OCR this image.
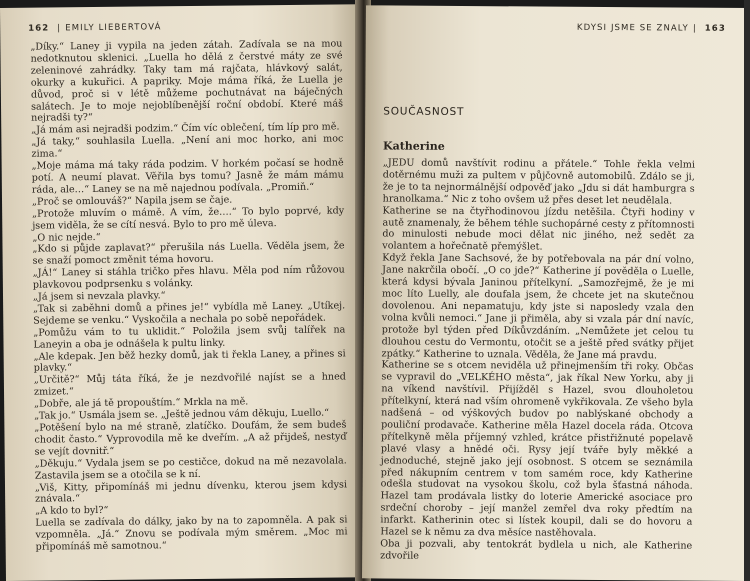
162 | EMILY LIEBERTOVÁ

„Díky.“ Laney ji vypila na jeden zátah. Zadívala se na mou nedotknutou sklenici. „Luella ho dělá z čerstvé máty ze své zeleninové zahrádky. Taky tam má rajčata, hlávkový salát, okurky a kukuřici. A papriky. Moje máma říká, že Luella je důvod, proč si v létě můžeme pochutnávat na báječných salátech. Je to moje nejoblíbenější roční období. Které máš nejradši ty?“

„Já mám asi nejradši podzim.“ Čím víc oblečení, tím líp pro mě.

„Já taky,“ souhlasila Luella. „Není ani moc horko, ani moc zima.“

„Moje máma má taky ráda podzim. V horkém počasí se hodně potí. A neumí plavat. Věřila bys tomu? Jasně že mám mámu ráda, ale…“ Laney se na mě najednou podívala. „Promiň.“

„Proč se omlouváš?“ Napila jsem se čaje.

„Protože mluvím o mámě. A vím, že….“ To bylo poprvé, kdy jsem viděla, že se cítí nesvá. Bylo to pro mě úleva.

„O nic nejde.“

„Kdo si půjde zaplavat?“ přerušila nás Luella. Věděla jsem, že se snaží pomoct změnit téma hovoru.

„JÁ!“ Laney si stáhla tričko přes hlavu. Měla pod ním růžovou plavkovou podprsenku s volánky.

„Já jsem si nevzala plavky.“

„Tak si zaběhni domů a přines je!“ vybídla mě Laney. „Utíkej. Sejdeme se venku.“ Vyskočila a nechala po sobě nepořádek.

„Pomůžu vám to tu uklidit.“ Položila jsem svůj talířek na Laneyin a oba je odnášela k pultu linky.

„Ale kdepak. Jen běž hezky domů, jak ti řekla Laney, a přines si plavky.“

„Určitě?“ Můj táta říká, že je nezdvořilé najíst se a hned zmizet.“

„Dobře, ale já tě propouštím.“ Mrkla na mě.

„Tak jo.“ Usmála jsem se. „Ještě jednou vám děkuju, Luello.“

„Potěšení bylo na mé straně, zlatíčko. Doufám, že sem budeš chodit často.“ Vyprovodila mě ke dveřím. „A až přijdeš, nestyď se vejít dovnitř.“

„Děkuju.“ Vydala jsem se po cestičce, dokud na mě nezavolala. Zastavila jsem se a otočila se k ní.

„Viš, Kitty, připomínáš mi jednu dívenku, kterou jsem kdysi znávala.“

„A kdo to byl?“

Luella se zadívala do dálky, jako by na to zapomněla. A pak si vzpomněla. „Já.“ Znovu se podívala mým směrem. „Moc mi připomínáš mě samotnou.“

KDYSI JSME SE ZNALY | 163
SOUČASNOST
Katherine

„JEDU domů navštívit rodinu a přátele.“ Tohle řekla velmi dotěrnému muži za pultem v půjčovně automobilů. Zdálo se ji, že je to ta nejnormálnější odpověď jako „Jdu si dát hamburgra s hranolkama.“ Nic z toho ovšem už přes deset let neudělala.

Katherine se na čtyřhodinovou jízdu netěšila. Čtyři hodiny v autě znamenaly, že během téhle suchopárné cesty z přítomnosti do minulosti nebude moci dělat nic jiného, než sedět za volantem a hořečnatě přemýšlet.

Když řekla Jane Sachsové, že by potřebovala na pár dní volno, Jane nakrčila obočí. „O co jde?“ Katherine jí pověděla o Luelle, která kdysi bývala Janinou přítelkyní. „Samozřejmě, že je mi moc líto Luelly, ale doufala jsem, že chcete jet na skutečnou dovolenou. Ani nepamatuju, kdy jste si naposledy vzala den volna kvůli nemoci.“ Jane ji přiměla, aby si vzala pár dní navíc, protože byl týden před Díkůvzdáním. „Nemůžete jet celou tu dlouhou cestu do Vermontu, otočit se a ještě před svátky přijet zpátky.“ Katherine to uznala. Věděla, že Jane má pravdu.

Katherine se s otcem neviděla už přinejmenším tři roky. Občas se vypravil do „VELKÉHO města“, jak říkal New Yorku, aby ji na víkend navštívil. Přijížděl s Hazel, svou dlouholetou přítelkyní, která nad vším ohromeně vykřikovala. Ze všeho byla nadšená – od výškových budov po nablýskané obchody a pouliční prodavače. Katherine měla Hazel docela ráda. Otcova přítelkyně měla příjemný vzhled, krátce přistřižnuté popelavě plavé vlasy a hnědé oči. Rysy její tváře byly měkké a jednoduché, stejně jako její osobnost. S otcem se seznámila před nákupním centrem v tom samém roce, kdy Katherine odešla studovat na vysokou školu, což byla šťastná náhoda. Hazel tam prodávala listky do loterie Americké asociace pro srdeční choroby – její manžel zemřel dva roky předtím na infarkt. Katherinin otec si lístek koupil, dali se do hovoru a Hazel se k němu za dva měsíce nastěhovala.

Oba ji pozvali, aby tentokrát bydlela u nich, ale Katherine zdvořile
